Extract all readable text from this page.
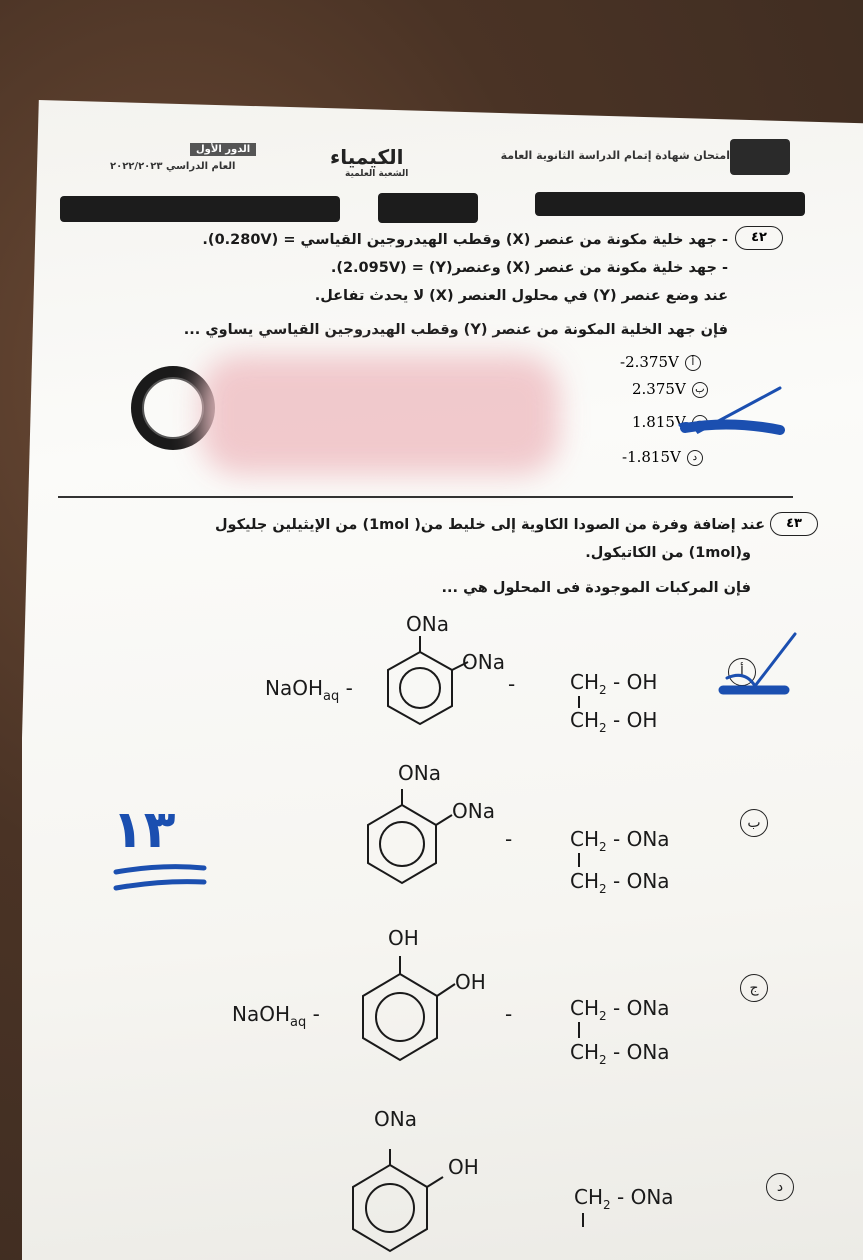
امتحان شهادة إتمام الدراسة الثانوية العامة
الكيمياء
الشعبة العلمية
الدور الأول
العام الدراسي ٢٠٢٢/٢٠٢٣
٤٢
- جهد خلية مكونة من عنصر (X) وقطب الهيدروجين القياسي = (0.280V).
- جهد خلية مكونة من عنصر (X) وعنصر(Y) = (2.095V).
عند وضع عنصر (Y) في محلول العنصر (X) لا يحدث تفاعل.
فإن جهد الخلية المكونة من عنصر (Y) وقطب الهيدروجين القياسي يساوي ...
-2.375V أ
2.375V ب
1.815V ج
-1.815V د
٤٣
عند إضافة وفرة من الصودا الكاوية إلى خليط من( 1mol) من الإيثيلين جليكول
و(1mol) من الكاتيكول.
فإن المركبات الموجودة فى المحلول هي ...
NaOH$_{aq}$ -
ONa
ONa
-	$CH_2$ - OH
$CH_2$ - OH
أ
ONa
ONa
-	$CH_2$ - ONa
$CH_2$ - ONa
ب
١٣
NaOH$_{aq}$ -
OH
OH
-	$CH_2$ - ONa
$CH_2$ - ONa
ج
ONa
OH
$CH_2$ - ONa	د
